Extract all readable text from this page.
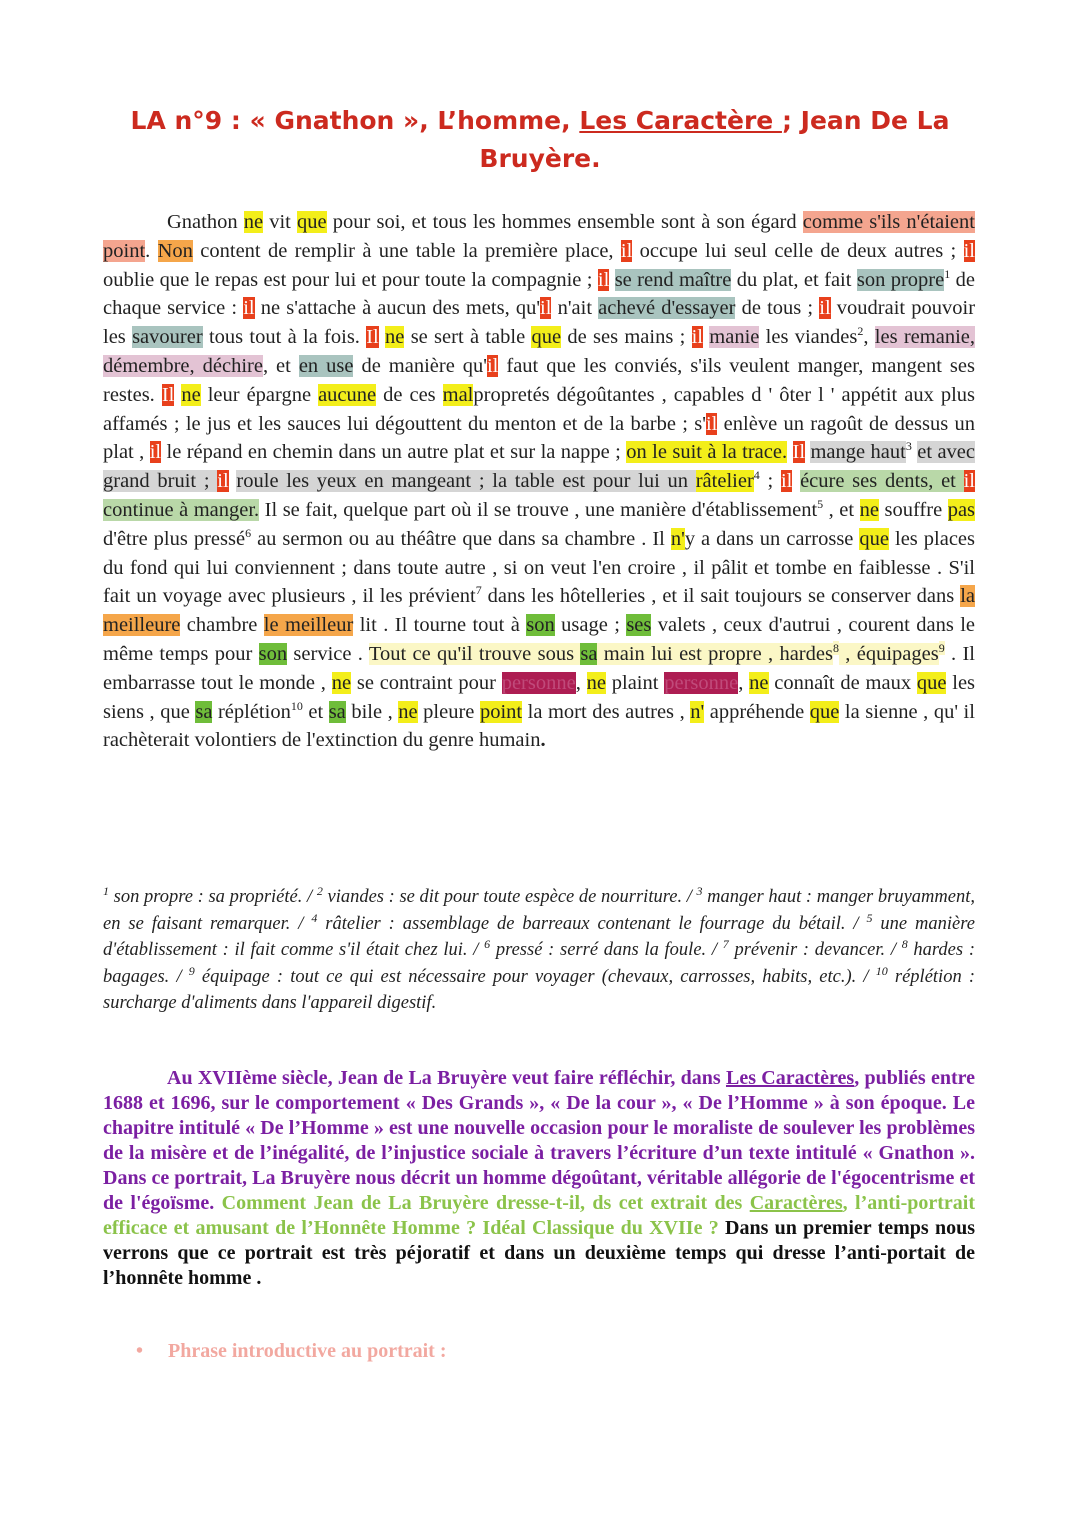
LA n°9 : « Gnathon », L’homme, Les Caractère ; Jean De La Bruyère.
Gnathon ne vit que pour soi, et tous les hommes ensemble sont à son égard comme s'ils n'étaient point. Non content de remplir à une table la première place, il occupe lui seul celle de deux autres ; il oublie que le repas est pour lui et pour toute la compagnie ; il se rend maître du plat, et fait son propre$^1$ de chaque service : il ne s'attache à aucun des mets, qu'il n'ait achevé d'essayer de tous ; il voudrait pouvoir les savourer tous tout à la fois. Il ne se sert à table que de ses mains ; il manie les viandes$^2$, les remanie, démembre, déchire, et en use de manière qu'il faut que les conviés, s'ils veulent manger, mangent ses restes. Il ne leur épargne aucune de ces malpropretés dégoûtantes , capables d ' ôter l ' appétit aux plus affamés ; le jus et les sauces lui dégouttent du menton et de la barbe ; s'il enlève un ragoût de dessus un plat , il le répand en chemin dans un autre plat et sur la nappe ; on le suit à la trace. Il mange haut$^3$ et avec grand bruit ; il roule les yeux en mangeant ; la table est pour lui un râtelier$^4$ ; il écure ses dents, et il continue à manger. Il se fait, quelque part où il se trouve , une manière d'établissement$^5$ , et ne souffre pas d'être plus pressé$^6$ au sermon ou au théâtre que dans sa chambre . Il n'y a dans un carrosse que les places du fond qui lui conviennent ; dans toute autre , si on veut l'en croire , il pâlit et tombe en faiblesse . S'il fait un voyage avec plusieurs , il les prévient$^7$ dans les hôtelleries , et il sait toujours se conserver dans la meilleure chambre le meilleur lit . Il tourne tout à son usage ; ses valets , ceux d'autrui , courent dans le même temps pour son service . Tout ce qu'il trouve sous sa main lui est propre , hardes$^8$ , équipages$^9$ . Il embarrasse tout le monde , ne se contraint pour personne, ne plaint personne, ne connaît de maux que les siens , que sa réplétion$^{10}$ et sa bile , ne pleure point la mort des autres , n' appréhende que la sienne , qu' il rachèterait volontiers de l'extinction du genre humain.
$^1$ son propre : sa propriété. / $^2$ viandes : se dit pour toute espèce de nourriture. / $^3$ manger haut : manger bruyamment, en se faisant remarquer. / $^4$ râtelier : assemblage de barreaux contenant le fourrage du bétail. / $^5$ une manière d'établissement : il fait comme s'il était chez lui. / $^6$ pressé : serré dans la foule. / $^7$ prévenir : devancer. / $^8$ hardes : bagages. / $^9$ équipage : tout ce qui est nécessaire pour voyager (chevaux, carrosses, habits, etc.). / $^{10}$ réplétion : surcharge d'aliments dans l'appareil digestif.
Au XVIIème siècle, Jean de La Bruyère veut faire réfléchir, dans Les Caractères, publiés entre 1688 et 1696, sur le comportement « Des Grands », « De la cour », « De l’Homme » à son époque. Le chapitre intitulé « De l’Homme » est une nouvelle occasion pour le moraliste de soulever les problèmes de la misère et de l’inégalité, de l’injustice sociale à travers l’écriture d’un texte intitulé « Gnathon ». Dans ce portrait, La Bruyère nous décrit un homme dégoûtant, véritable allégorie de l'égocentrisme et de l'égoïsme. Comment Jean de La Bruyère dresse-t-il, ds cet extrait des Caractères, l’anti-portrait efficace et amusant de l’Honnête Homme ? Idéal Classique du XVIIe ? Dans un premier temps nous verrons que ce portrait est très péjoratif et dans un deuxième temps qui dresse l’anti-portait de l’honnête homme .
• Phrase introductive au portrait :
